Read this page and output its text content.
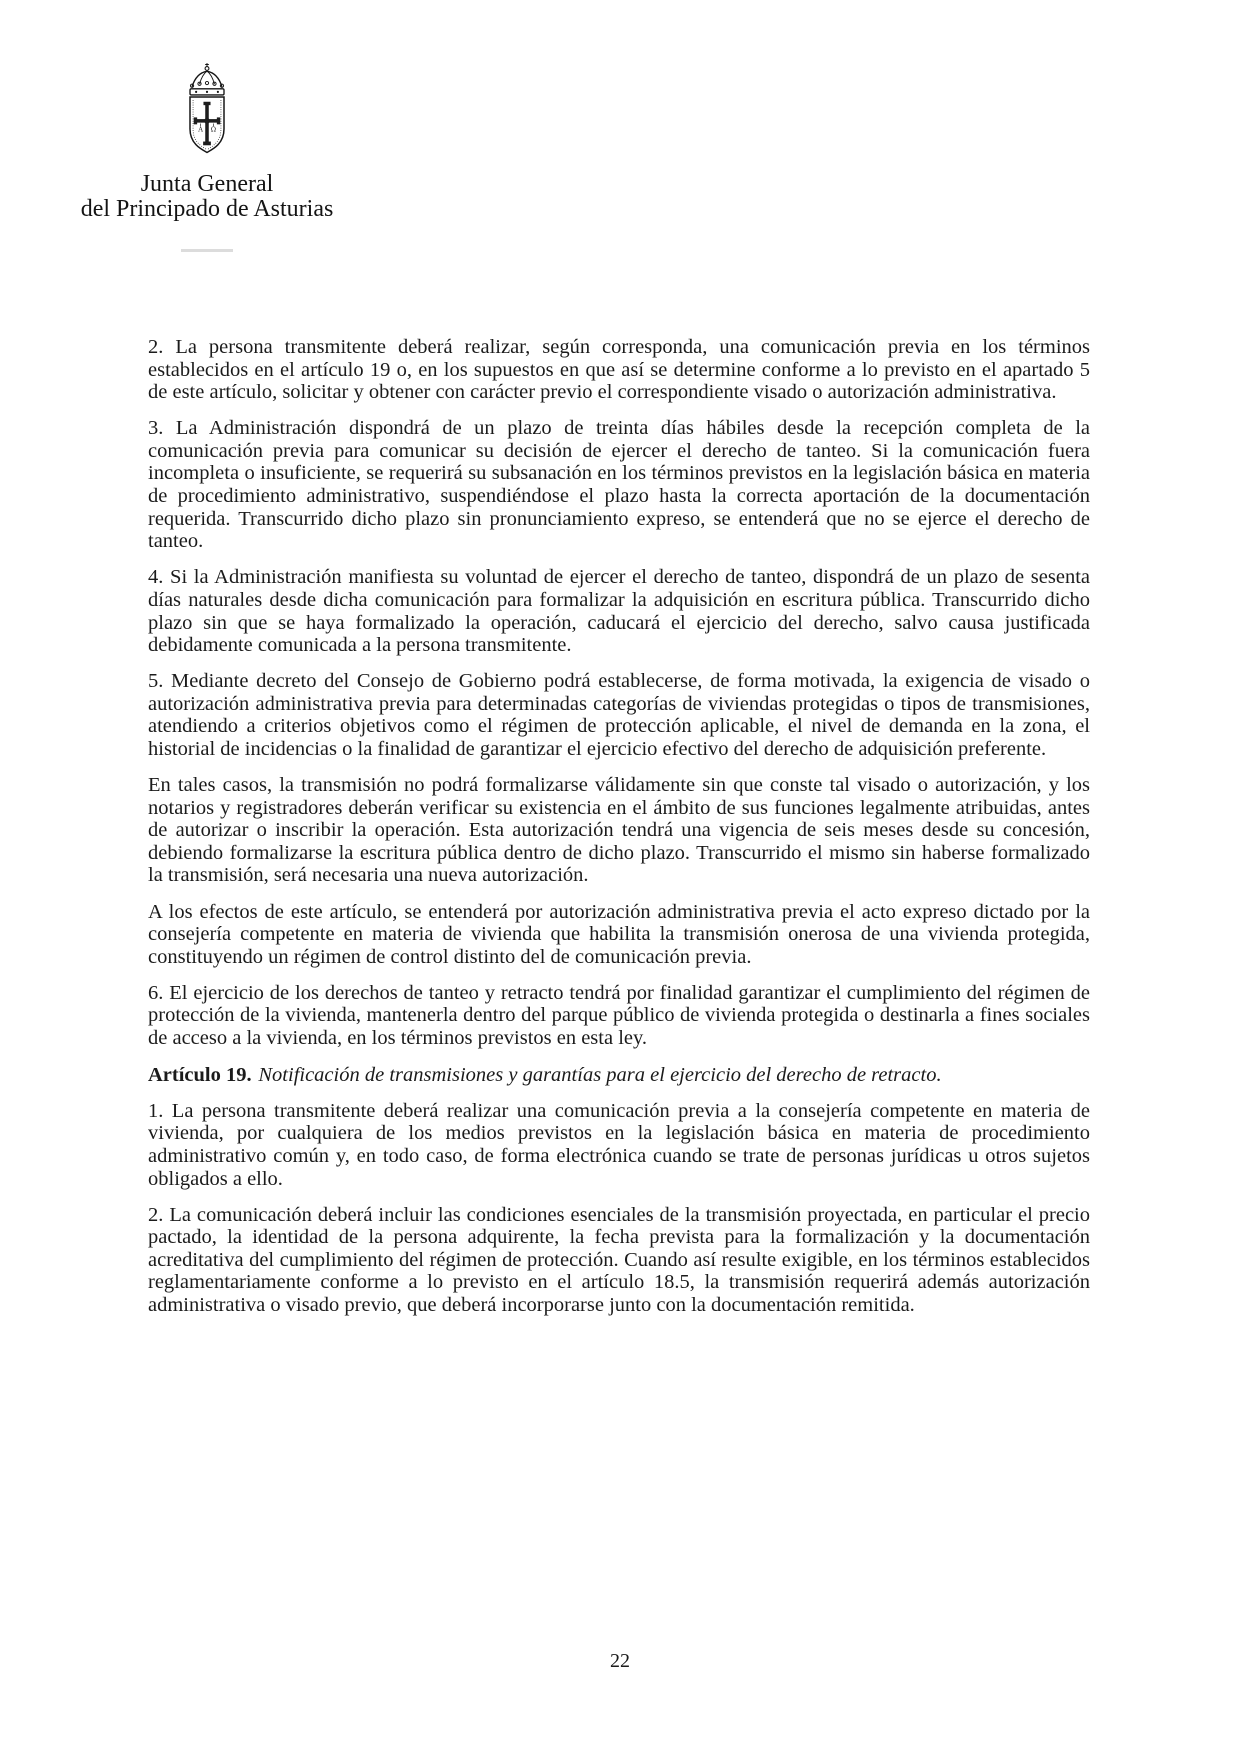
Α Ω
Junta General
del Principado de Asturias

2. La persona transmitente deberá realizar, según corresponda, una comunicación previa en los términos establecidos en el artículo 19 o, en los supuestos en que así se determine conforme a lo previsto en el apartado 5 de este artículo, solicitar y obtener con carácter previo el correspondiente visado o autorización administrativa.

3. La Administración dispondrá de un plazo de treinta días hábiles desde la recepción completa de la comunicación previa para comunicar su decisión de ejercer el derecho de tanteo. Si la comunicación fuera incompleta o insuficiente, se requerirá su subsanación en los términos previstos en la legislación básica en materia de procedimiento administrativo, suspendiéndose el plazo hasta la correcta aportación de la documentación requerida. Transcurrido dicho plazo sin pronunciamiento expreso, se entenderá que no se ejerce el derecho de tanteo.

4. Si la Administración manifiesta su voluntad de ejercer el derecho de tanteo, dispondrá de un plazo de sesenta días naturales desde dicha comunicación para formalizar la adquisición en escritura pública. Transcurrido dicho plazo sin que se haya formalizado la operación, caducará el ejercicio del derecho, salvo causa justificada debidamente comunicada a la persona transmitente.

5. Mediante decreto del Consejo de Gobierno podrá establecerse, de forma motivada, la exigencia de visado o autorización administrativa previa para determinadas categorías de viviendas protegidas o tipos de transmisiones, atendiendo a criterios objetivos como el régimen de protección aplicable, el nivel de demanda en la zona, el historial de incidencias o la finalidad de garantizar el ejercicio efectivo del derecho de adquisición preferente.

En tales casos, la transmisión no podrá formalizarse válidamente sin que conste tal visado o autorización, y los notarios y registradores deberán verificar su existencia en el ámbito de sus funciones legalmente atribuidas, antes de autorizar o inscribir la operación. Esta autorización tendrá una vigencia de seis meses desde su concesión, debiendo formalizarse la escritura pública dentro de dicho plazo. Transcurrido el mismo sin haberse formalizado la transmisión, será necesaria una nueva autorización.

A los efectos de este artículo, se entenderá por autorización administrativa previa el acto expreso dictado por la consejería competente en materia de vivienda que habilita la transmisión onerosa de una vivienda protegida, constituyendo un régimen de control distinto del de comunicación previa.

6. El ejercicio de los derechos de tanteo y retracto tendrá por finalidad garantizar el cumplimiento del régimen de protección de la vivienda, mantenerla dentro del parque público de vivienda protegida o destinarla a fines sociales de acceso a la vivienda, en los términos previstos en esta ley.

Artículo 19. Notificación de transmisiones y garantías para el ejercicio del derecho de retracto.

1. La persona transmitente deberá realizar una comunicación previa a la consejería competente en materia de vivienda, por cualquiera de los medios previstos en la legislación básica en materia de procedimiento administrativo común y, en todo caso, de forma electrónica cuando se trate de personas jurídicas u otros sujetos obligados a ello.

2. La comunicación deberá incluir las condiciones esenciales de la transmisión proyectada, en particular el precio pactado, la identidad de la persona adquirente, la fecha prevista para la formalización y la documentación acreditativa del cumplimiento del régimen de protección. Cuando así resulte exigible, en los términos establecidos reglamentariamente conforme a lo previsto en el artículo 18.5, la transmisión requerirá además autorización administrativa o visado previo, que deberá incorporarse junto con la documentación remitida.

22
